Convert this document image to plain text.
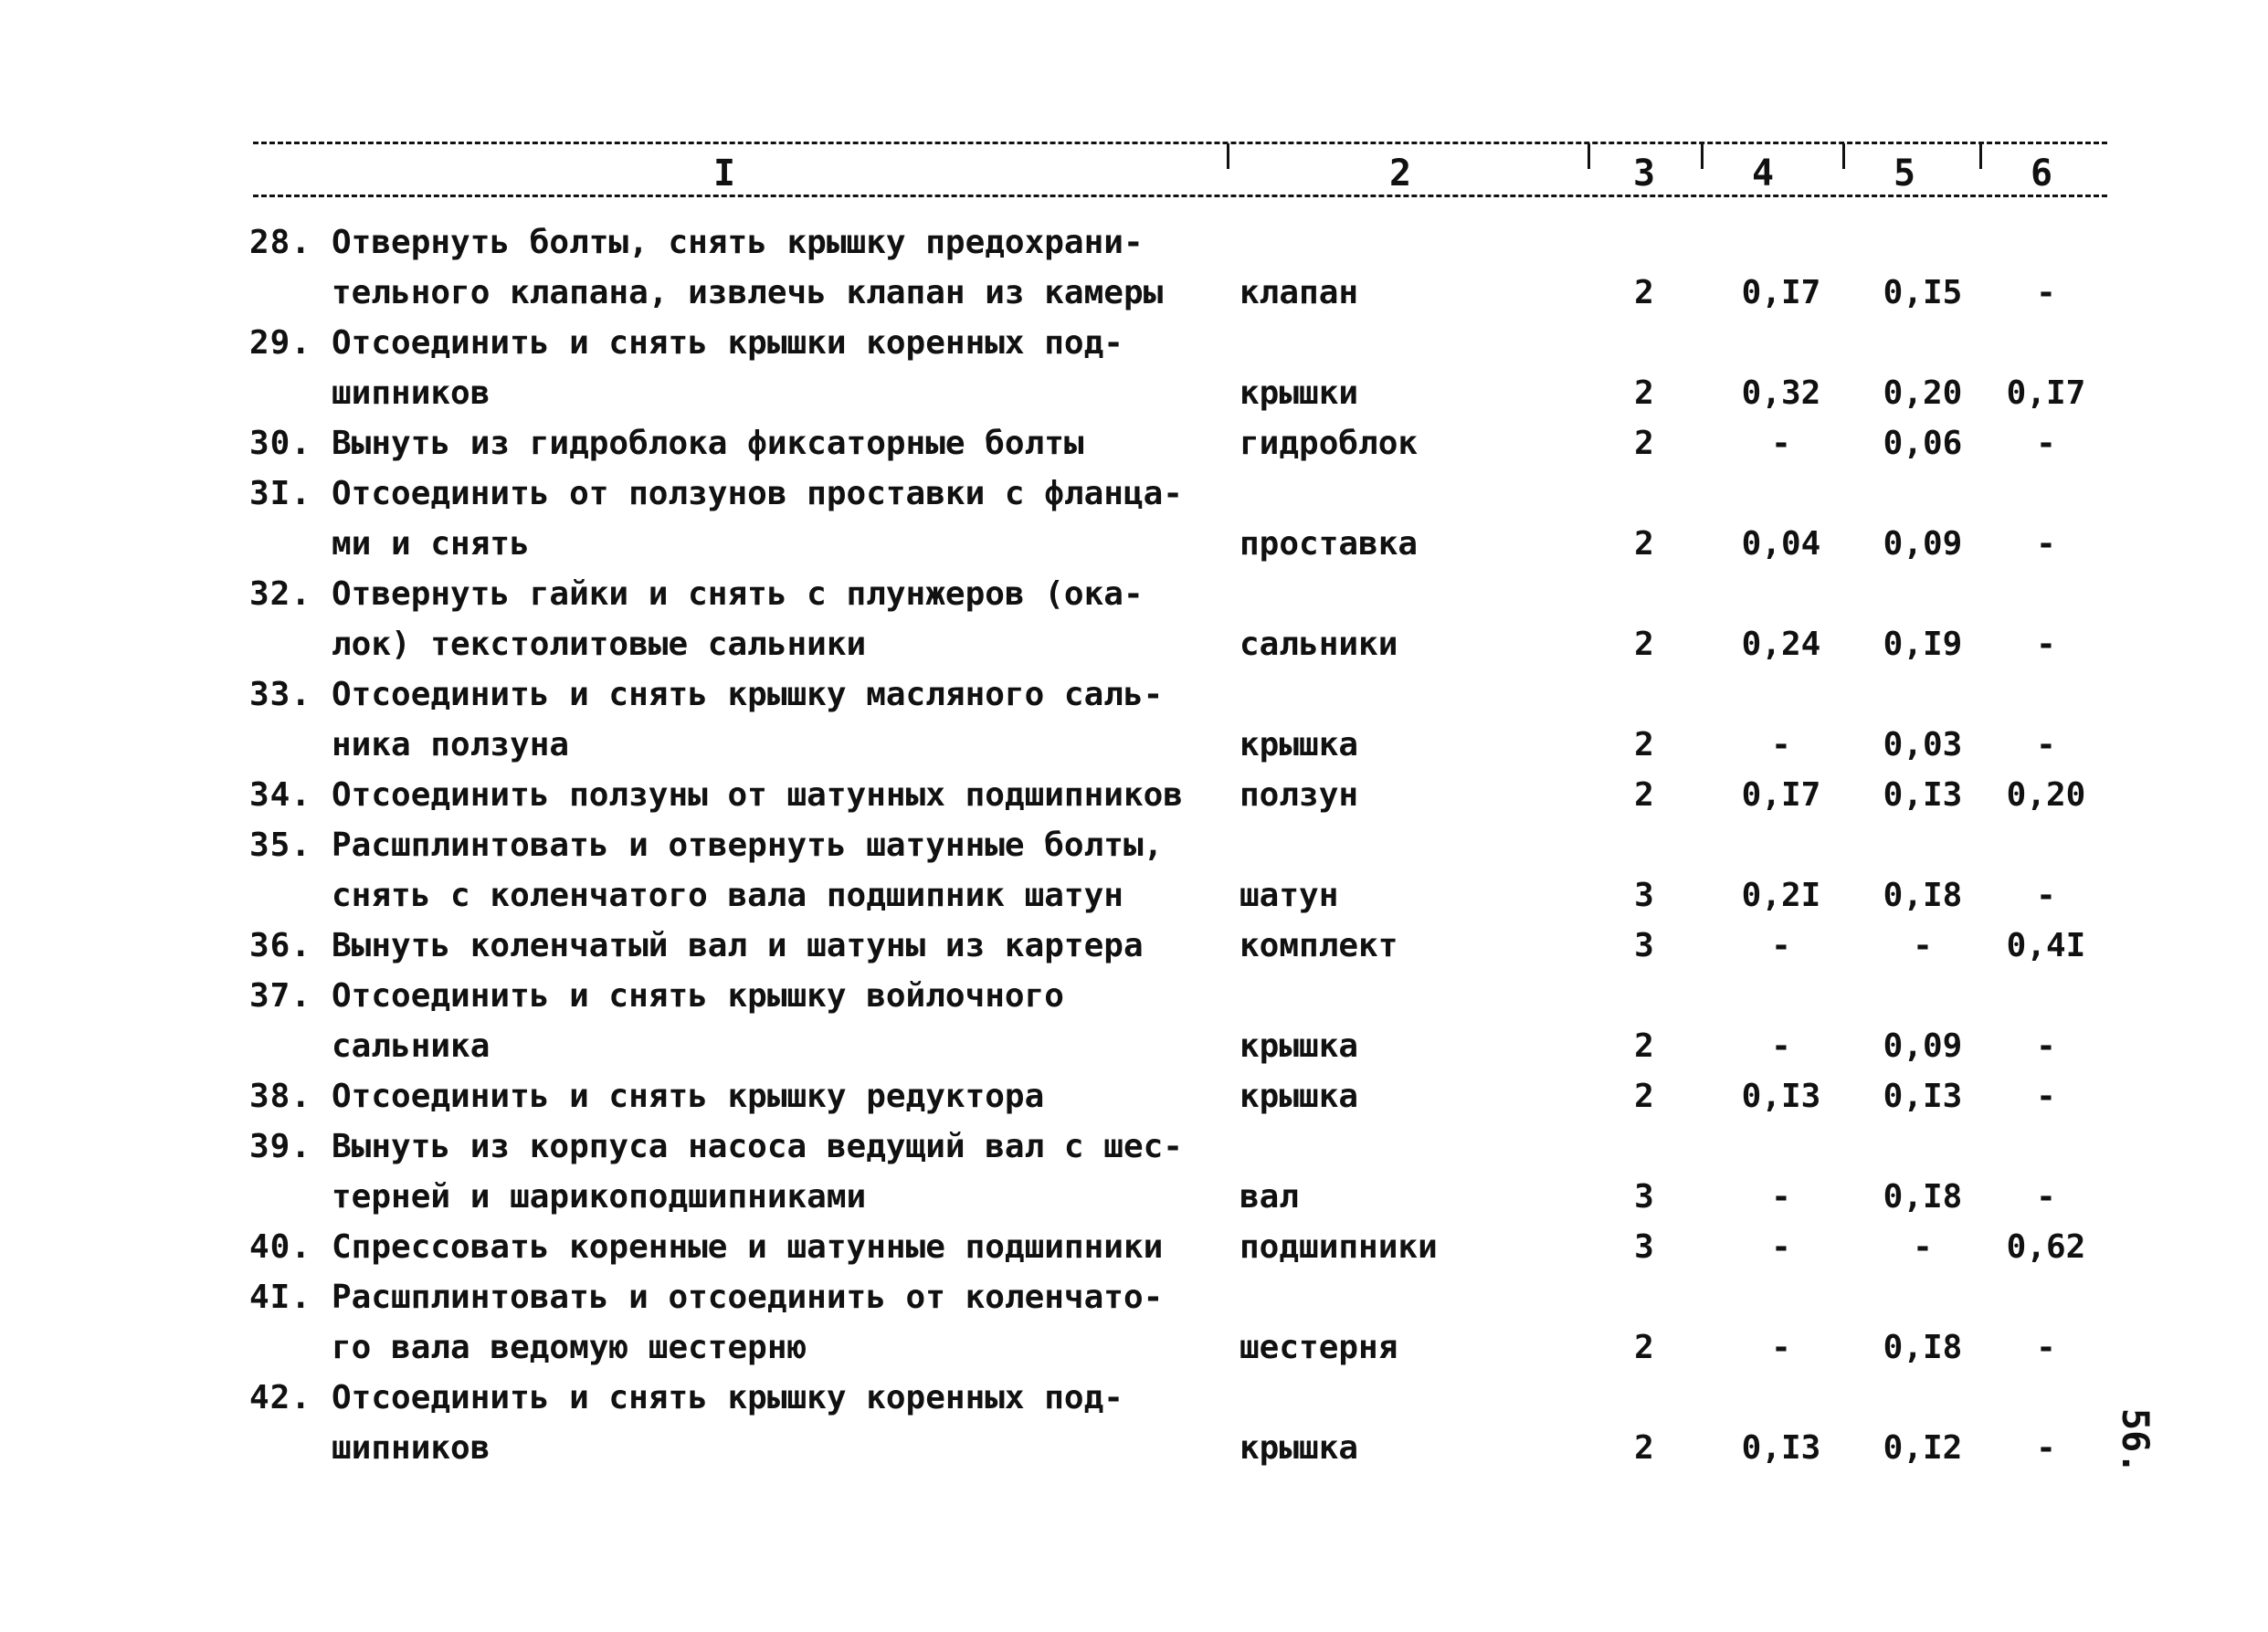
I	2	3	4	5	6
28. Отвернуть болты, снять крышку предохрани-
тельного клапана, извлечь клапан из камеры	клапан	2	0,I7	0,I5	-
29. Отсоединить и снять крышки коренных под-
шипников	крышки	2	0,32	0,20	0,I7
30. Вынуть из гидроблока фиксаторные болты	гидроблок	2	-	0,06	-
3I. Отсоединить от ползунов проставки с фланца-
ми и снять	проставка	2	0,04	0,09	-
32. Отвернуть гайки и снять с плунжеров (ока-
лок) текстолитовые сальники	сальники	2	0,24	0,I9	-
33. Отсоединить и снять крышку масляного саль-
ника ползуна	крышка	2	-	0,03	-
34. Отсоединить ползуны от шатунных подшипников	ползун	2	0,I7	0,I3	0,20
35. Расшплинтовать и отвернуть шатунные болты,
снять с коленчатого вала подшипник шатун	шатун	3	0,2I	0,I8	-
36. Вынуть коленчатый вал и шатуны из картера	комплект	3	-	-	0,4I
37. Отсоединить и снять крышку войлочного
сальника	крышка	2	-	0,09	-
38. Отсоединить и снять крышку редуктора	крышка	2	0,I3	0,I3	-
39. Вынуть из корпуса насоса ведущий вал с шес-
терней и шарикоподшипниками	вал	3	-	0,I8	-
40. Спрессовать коренные и шатунные подшипники	подшипники	3	-	-	0,62
4I. Расшплинтовать и отсоединить от коленчато-
го вала ведомую шестерню	шестерня	2	-	0,I8	-
42. Отсоединить и снять крышку коренных под-
шипников	крышка	2	0,I3	0,I2	-	56.
